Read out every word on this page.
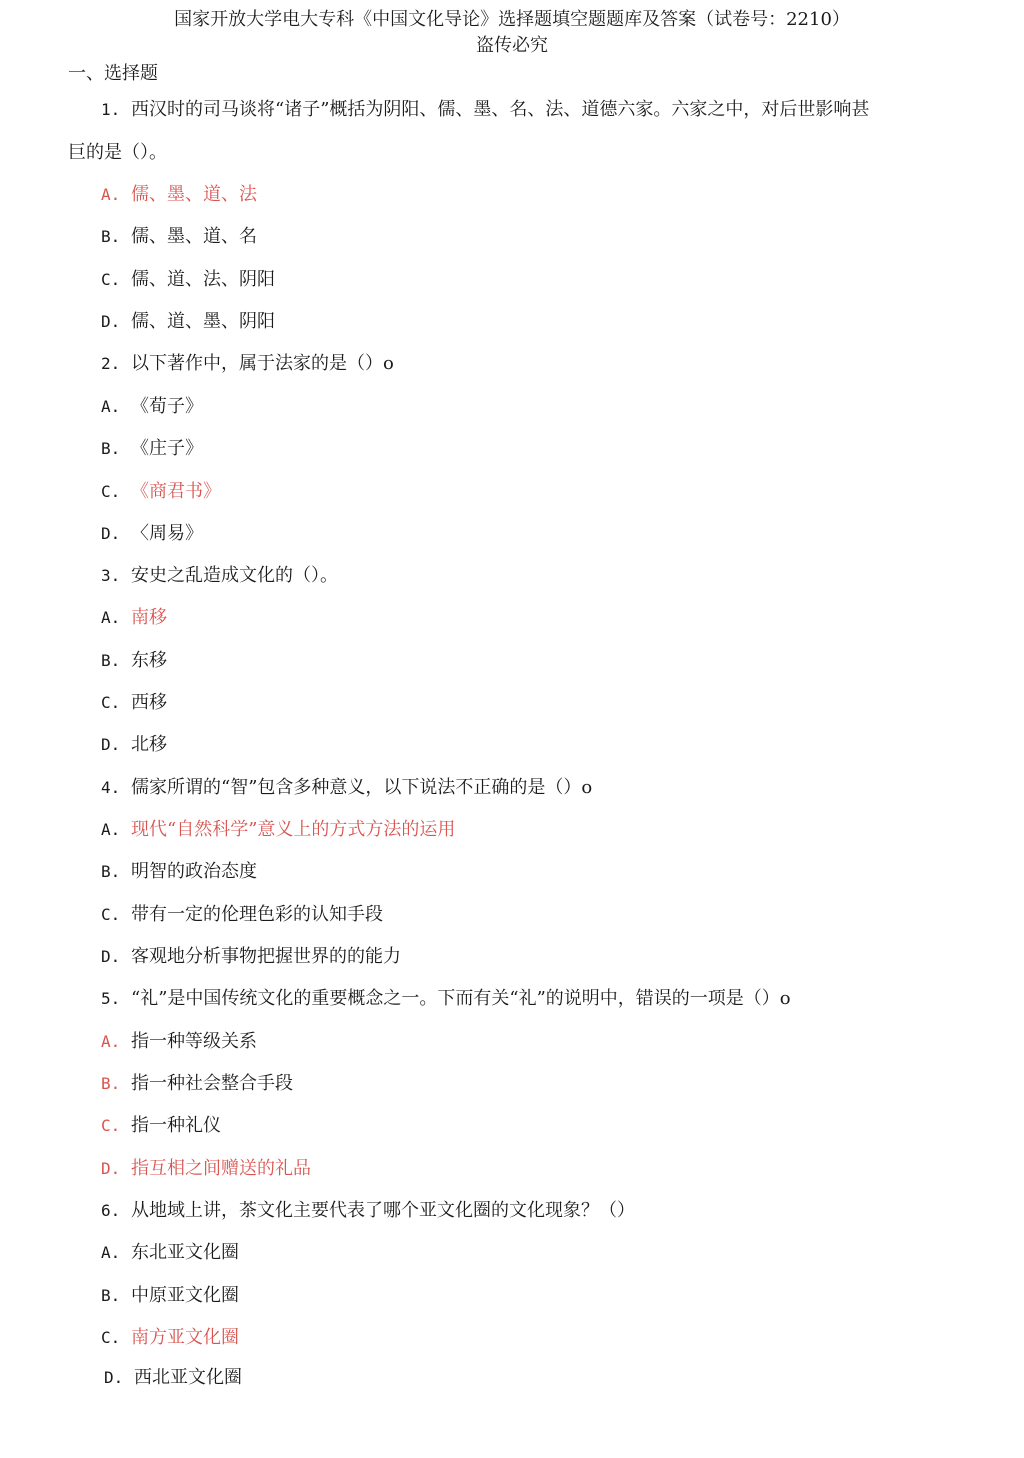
国家开放大学电大专科《中国文化导论》选择题填空题题库及答案（试卷号：2210）
盗传必究
一、选择题
1. 西汉时的司马谈将“诸子”概括为阴阳、儒、墨、名、法、道德六家。六家之中，对后世影响甚
巨的是（）。
A. 儒、墨、道、法
B. 儒、墨、道、名
C. 儒、道、法、阴阳
D. 儒、道、墨、阴阳
2. 以下著作中，属于法家的是（）o
A. 《荀子》
B. 《庄子》
C. 《商君书》
D. 〈周易》
3. 安史之乱造成文化的（）。
A. 南移
B. 东移
C. 西移
D. 北移
4. 儒家所谓的“智”包含多种意义，以下说法不正确的是（）o
A. 现代“自然科学”意义上的方式方法的运用
B. 明智的政治态度
C. 带有一定的伦理色彩的认知手段
D. 客观地分析事物把握世界的的能力
5. “礼”是中国传统文化的重要概念之一。下而有关“礼”的说明中，错误的一项是（）o
A. 指一种等级关系
B. 指一种社会整合手段
C. 指一种礼仪
D. 指互相之间赠送的礼品
6. 从地域上讲，茶文化主要代表了哪个亚文化圈的文化现象？（）
A. 东北亚文化圈
B. 中原亚文化圈
C. 南方亚文化圈
D. 西北亚文化圈
